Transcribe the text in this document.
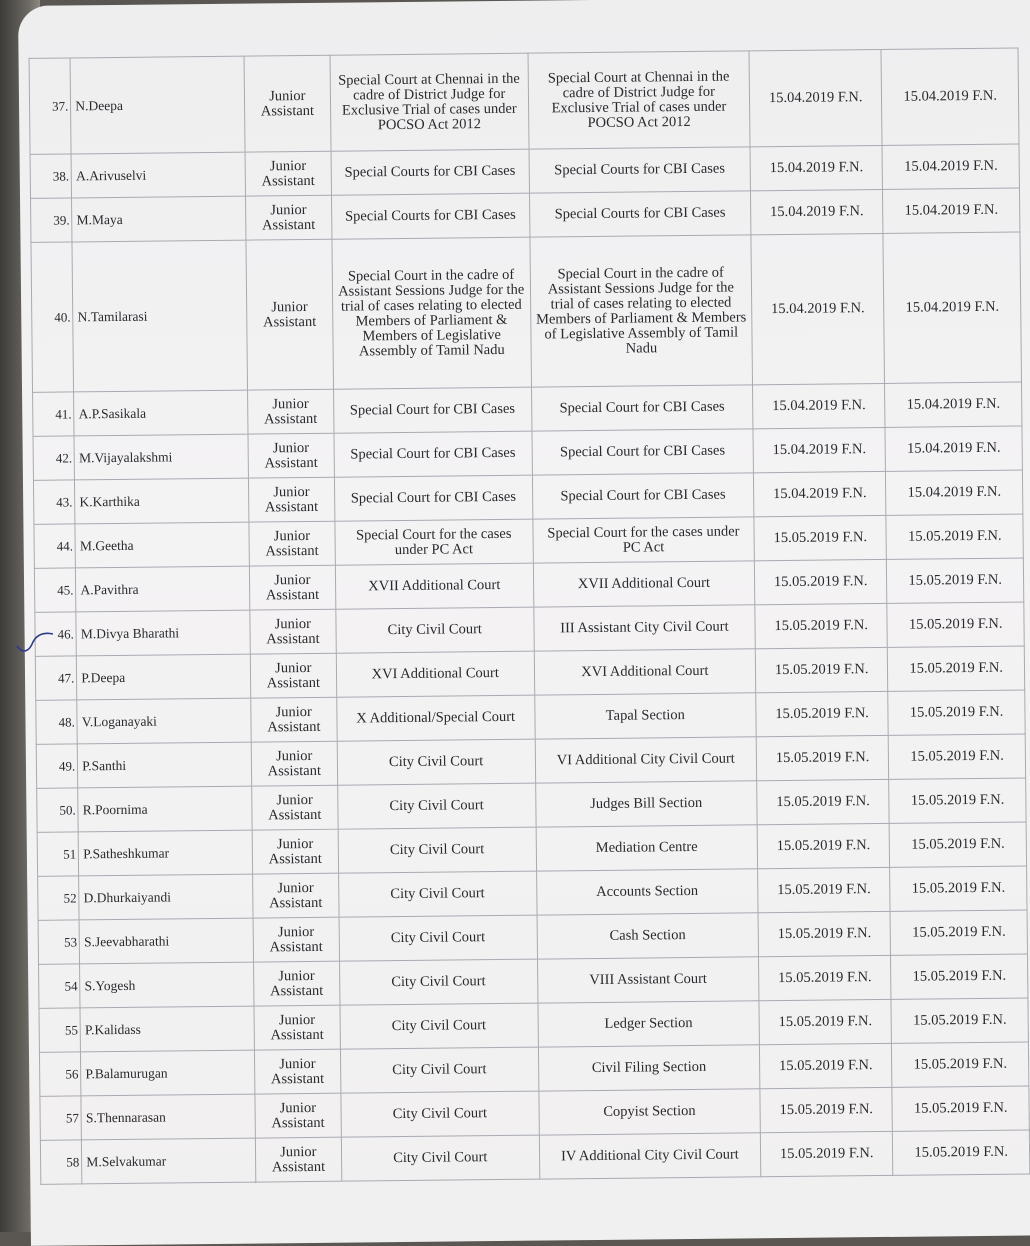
37.	N.Deepa	Junior Assistant	Special Court at Chennai in the cadre of District Judge for Exclusive Trial of cases under POCSO Act 2012	Special Court at Chennai in the cadre of District Judge for Exclusive Trial of cases under POCSO Act 2012	15.04.2019 F.N.	15.04.2019 F.N.
38.	A.Arivuselvi	Junior Assistant	Special Courts for CBI Cases	Special Courts for CBI Cases	15.04.2019 F.N.	15.04.2019 F.N.
39.	M.Maya	Junior Assistant	Special Courts for CBI Cases	Special Courts for CBI Cases	15.04.2019 F.N.	15.04.2019 F.N.
40.	N.Tamilarasi	Junior Assistant	Special Court in the cadre of Assistant Sessions Judge for the trial of cases relating to elected Members of Parliament & Members of Legislative Assembly of Tamil Nadu	Special Court in the cadre of Assistant Sessions Judge for the trial of cases relating to elected Members of Parliament & Members of Legislative Assembly of Tamil Nadu	15.04.2019 F.N.	15.04.2019 F.N.
41.	A.P.Sasikala	Junior Assistant	Special Court for CBI Cases	Special Court for CBI Cases	15.04.2019 F.N.	15.04.2019 F.N.
42.	M.Vijayalakshmi	Junior Assistant	Special Court for CBI Cases	Special Court for CBI Cases	15.04.2019 F.N.	15.04.2019 F.N.
43.	K.Karthika	Junior Assistant	Special Court for CBI Cases	Special Court for CBI Cases	15.04.2019 F.N.	15.04.2019 F.N.
44.	M.Geetha	Junior Assistant	Special Court for the cases under PC Act	Special Court for the cases under PC Act	15.05.2019 F.N.	15.05.2019 F.N.
45.	A.Pavithra	Junior Assistant	XVII Additional Court	XVII Additional Court	15.05.2019 F.N.	15.05.2019 F.N.
46.	M.Divya Bharathi	Junior Assistant	City Civil Court	III Assistant City Civil Court	15.05.2019 F.N.	15.05.2019 F.N.
47.	P.Deepa	Junior Assistant	XVI Additional Court	XVI Additional Court	15.05.2019 F.N.	15.05.2019 F.N.
48.	V.Loganayaki	Junior Assistant	X Additional/Special Court	Tapal Section	15.05.2019 F.N.	15.05.2019 F.N.
49.	P.Santhi	Junior Assistant	City Civil Court	VI Additional City Civil Court	15.05.2019 F.N.	15.05.2019 F.N.
50.	R.Poornima	Junior Assistant	City Civil Court	Judges Bill Section	15.05.2019 F.N.	15.05.2019 F.N.
51	P.Satheshkumar	Junior Assistant	City Civil Court	Mediation Centre	15.05.2019 F.N.	15.05.2019 F.N.
52	D.Dhurkaiyandi	Junior Assistant	City Civil Court	Accounts Section	15.05.2019 F.N.	15.05.2019 F.N.
53	S.Jeevabharathi	Junior Assistant	City Civil Court	Cash Section	15.05.2019 F.N.	15.05.2019 F.N.
54	S.Yogesh	Junior Assistant	City Civil Court	VIII Assistant Court	15.05.2019 F.N.	15.05.2019 F.N.
55	P.Kalidass	Junior Assistant	City Civil Court	Ledger Section	15.05.2019 F.N.	15.05.2019 F.N.
56	P.Balamurugan	Junior Assistant	City Civil Court	Civil Filing Section	15.05.2019 F.N.	15.05.2019 F.N.
57	S.Thennarasan	Junior Assistant	City Civil Court	Copyist Section	15.05.2019 F.N.	15.05.2019 F.N.
58	M.Selvakumar	Junior Assistant	City Civil Court	IV Additional City Civil Court	15.05.2019 F.N.	15.05.2019 F.N.
